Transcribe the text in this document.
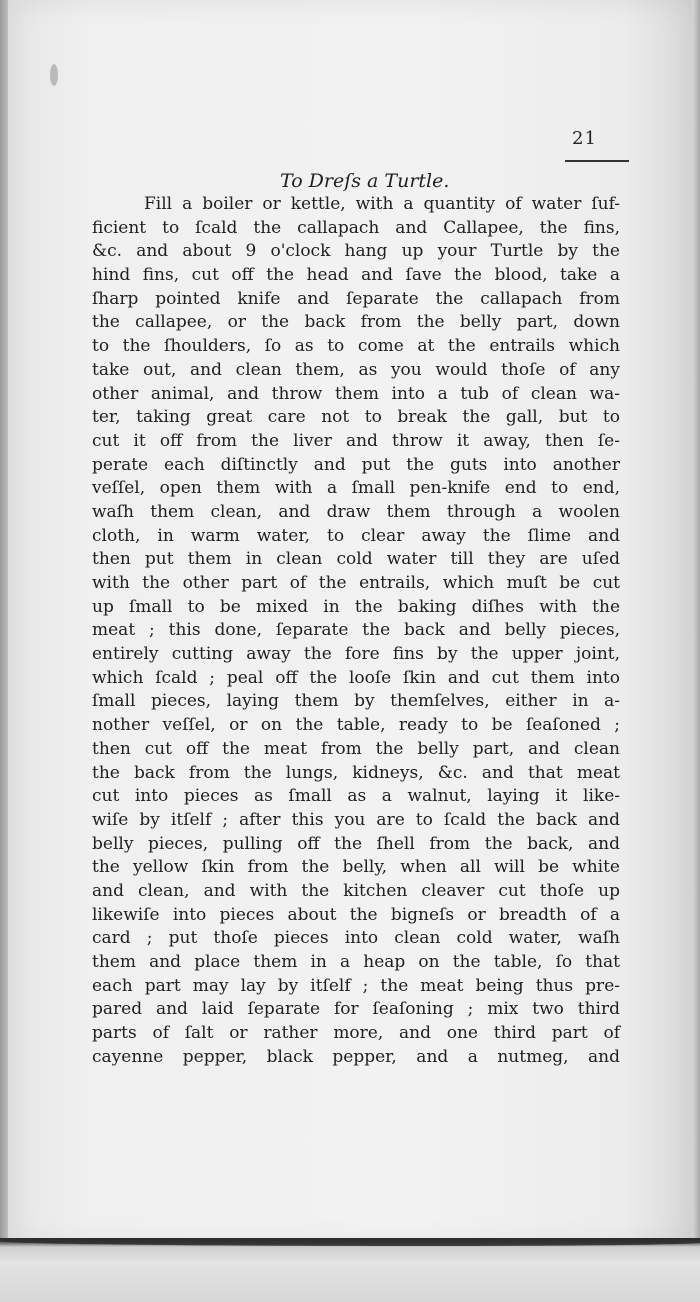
21
To Dreſs a Turtle.
Fill a boiler or kettle, with a quantity of water ſuf-
ficient to ſcald the callapach and Callapee, the fins,
&c. and about 9 o'clock hang up your Turtle by the
hind fins, cut off the head and ſave the blood, take a
ſharp pointed knife and ſeparate the callapach from
the callapee, or the back from the belly part, down
to the ſhoulders, ſo as to come at the entrails which
take out, and clean them, as you would thoſe of any
other animal, and throw them into a tub of clean wa-
ter, taking great care not to break the gall, but to
cut it off from the liver and throw it away, then ſe-
perate each diſtinctly and put the guts into another
veſſel, open them with a ſmall pen-knife end to end,
waſh them clean, and draw them through a woolen
cloth, in warm water, to clear away the ſlime and
then put them in clean cold water till they are uſed
with the other part of the entrails, which muſt be cut
up ſmall to be mixed in the baking diſhes with the
meat ; this done, ſeparate the back and belly pieces,
entirely cutting away the fore fins by the upper joint,
which ſcald ; peal off the looſe ſkin and cut them into
ſmall pieces, laying them by themſelves, either in a-
nother veſſel, or on the table, ready to be ſeaſoned ;
then cut off the meat from the belly part, and clean
the back from the lungs, kidneys, &c. and that meat
cut into pieces as ſmall as a walnut, laying it like-
wiſe by itſelf ; after this you are to ſcald the back and
belly pieces, pulling off the ſhell from the back, and
the yellow ſkin from the belly, when all will be white
and clean, and with the kitchen cleaver cut thoſe up
likewiſe into pieces about the bigneſs or breadth of a
card ; put thoſe pieces into clean cold water, waſh
them and place them in a heap on the table, ſo that
each part may lay by itſelf ; the meat being thus pre-
pared and laid ſeparate for ſeaſoning ; mix two third
parts of ſalt or rather more, and one third part of
cayenne pepper, black pepper, and a nutmeg, and
